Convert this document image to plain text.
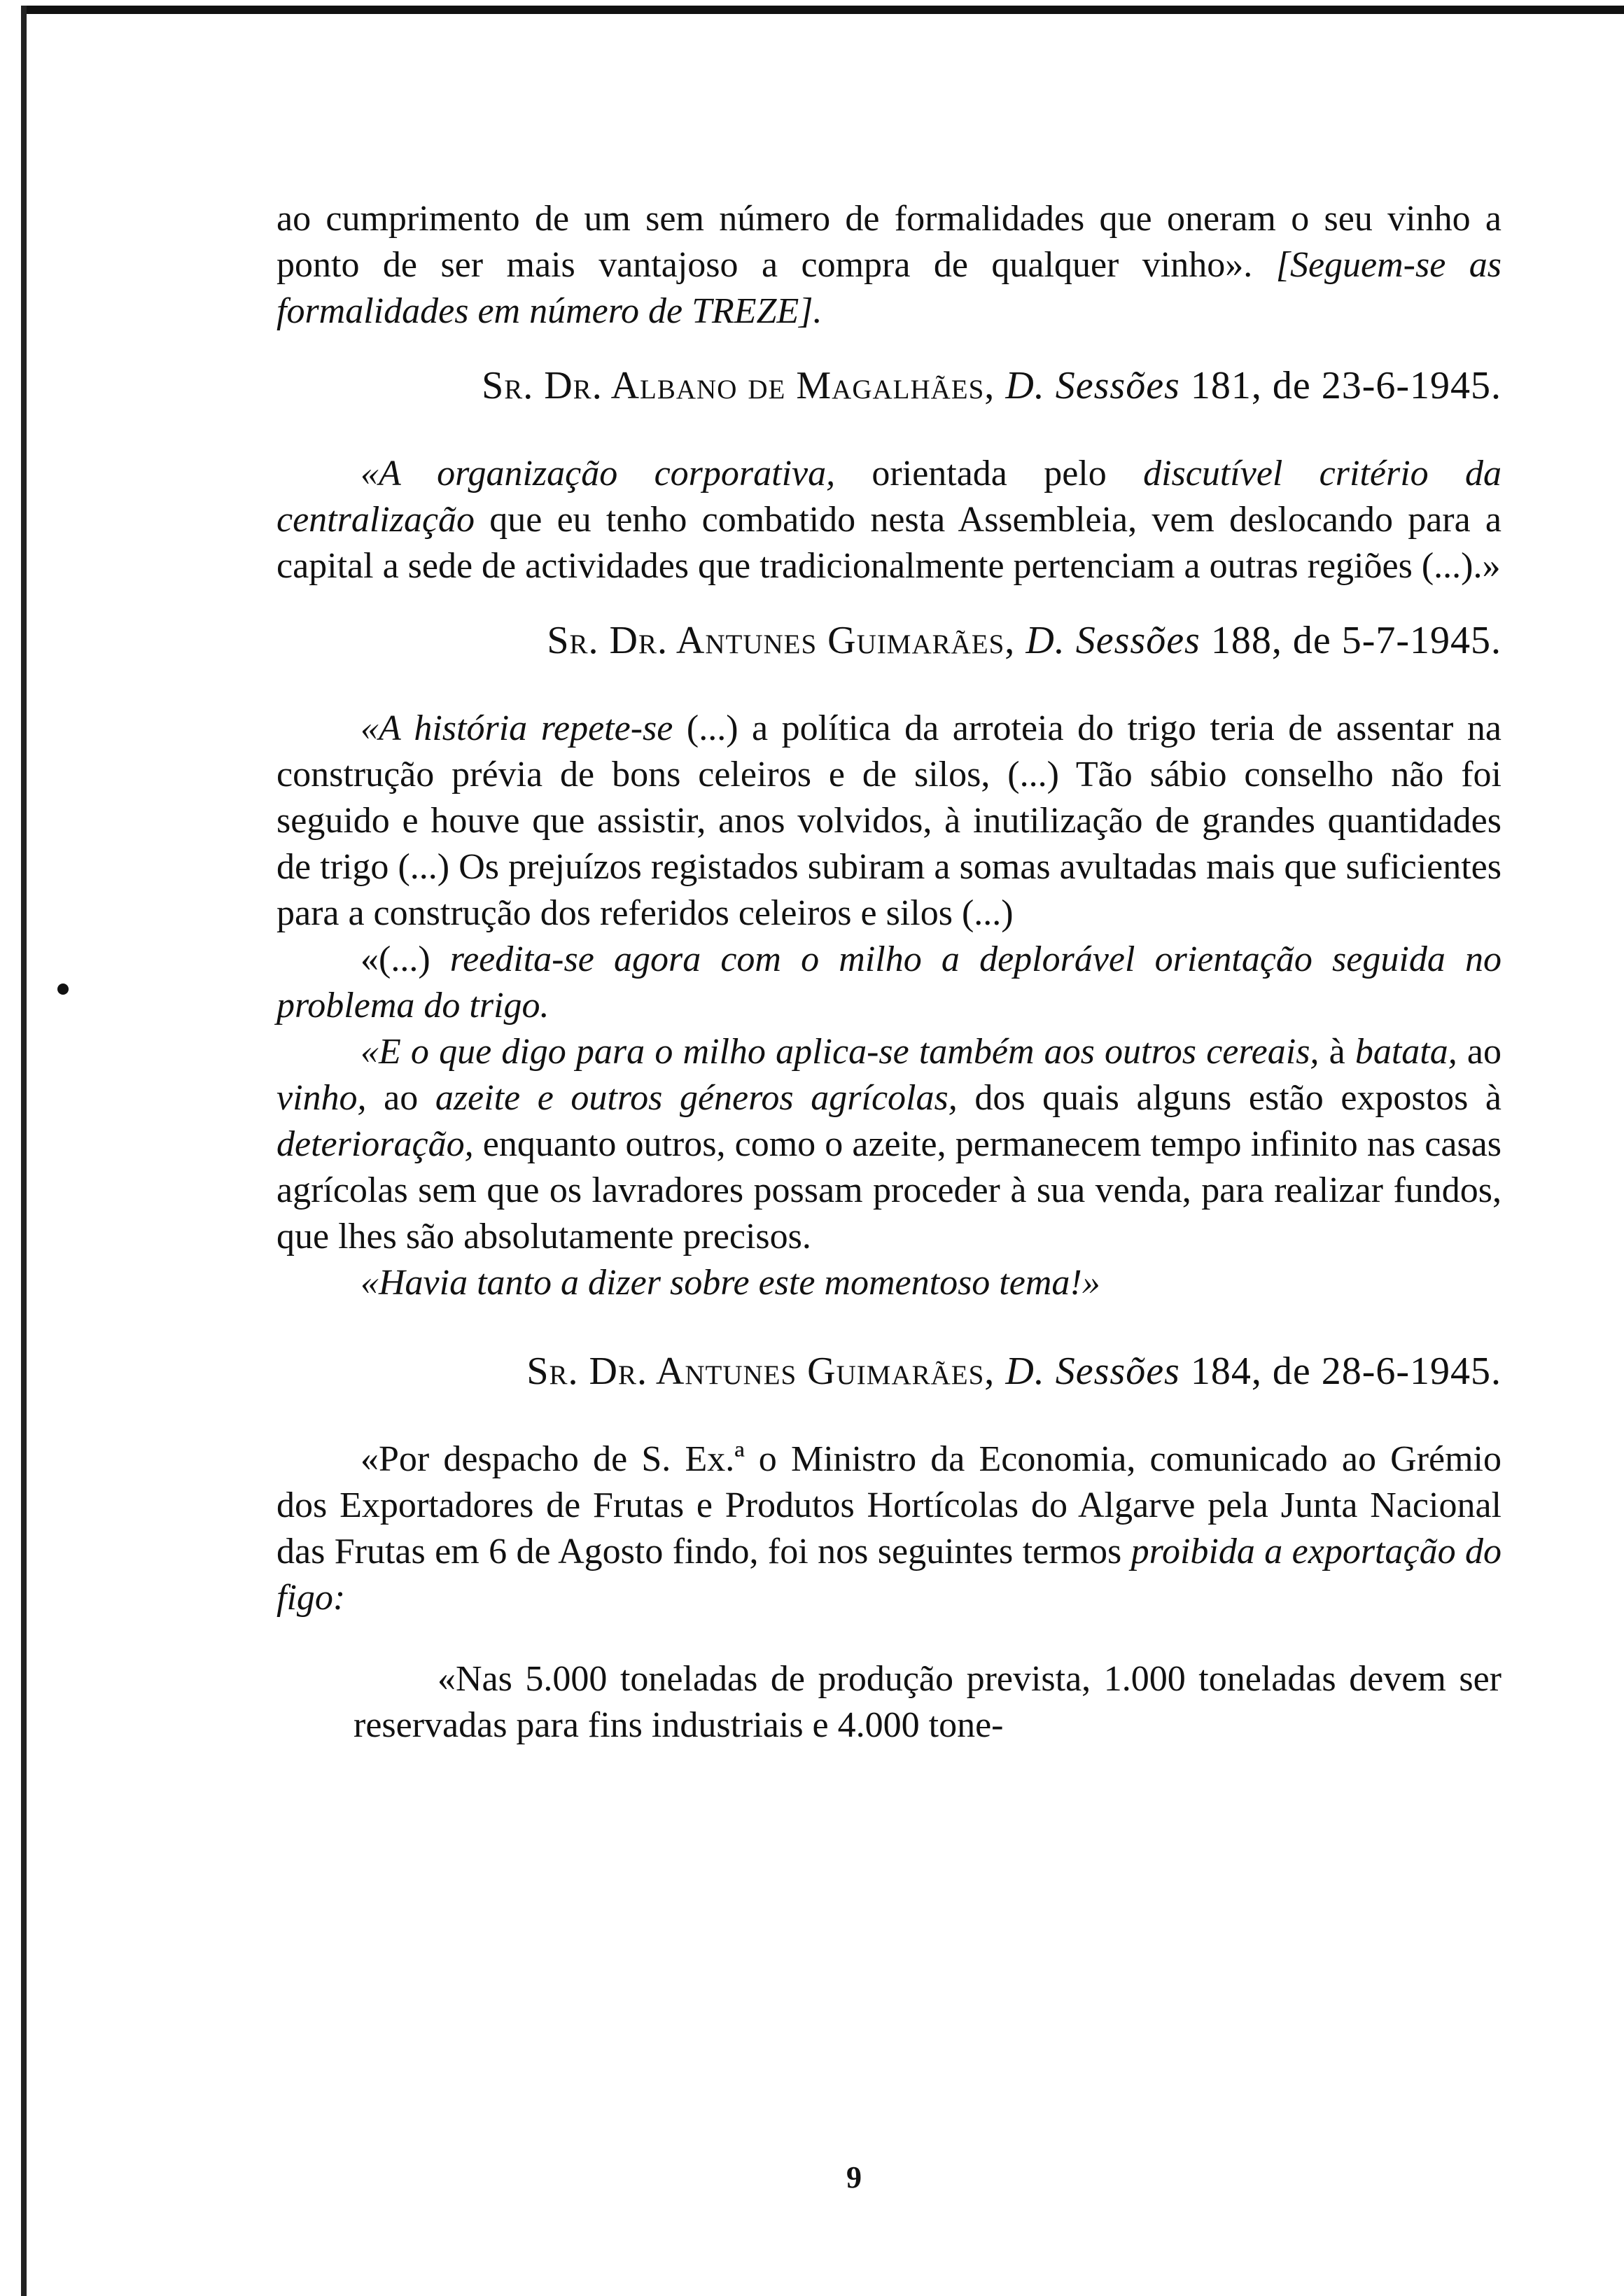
ao cumprimento de um sem número de formalidades que oneram o seu vinho a ponto de ser mais vantajoso a compra de qualquer vinho». [Seguem-se as formalidades em número de TREZE].

Sr. Dr. Albano de Magalhães, D. Sessões 181, de 23-6-1945.

«A organização corporativa, orientada pelo discutível critério da centralização que eu tenho combatido nesta Assembleia, vem deslocando para a capital a sede de actividades que tradicionalmente pertenciam a outras regiões (...).»

Sr. Dr. Antunes Guimarães, D. Sessões 188, de 5-7-1945.

«A história repete-se (...) a política da arroteia do trigo teria de assentar na construção prévia de bons celeiros e de silos, (...) Tão sábio conselho não foi seguido e houve que assistir, anos volvidos, à inutilização de grandes quantidades de trigo (...) Os prejuízos registados subiram a somas avultadas mais que suficientes para a construção dos referidos celeiros e silos (...)

«(...) reedita-se agora com o milho a deplorável orientação seguida no problema do trigo.

«E o que digo para o milho aplica-se também aos outros cereais, à batata, ao vinho, ao azeite e outros géneros agrícolas, dos quais alguns estão expostos à deterioração, enquanto outros, como o azeite, permanecem tempo infinito nas casas agrícolas sem que os lavradores possam proceder à sua venda, para realizar fundos, que lhes são absolutamente precisos.

«Havia tanto a dizer sobre este momentoso tema!»

Sr. Dr. Antunes Guimarães, D. Sessões 184, de 28-6-1945.

«Por despacho de S. Ex.ª o Ministro da Economia, comunicado ao Grémio dos Exportadores de Frutas e Produtos Hortícolas do Algarve pela Junta Nacional das Frutas em 6 de Agosto findo, foi nos seguintes termos proibida a exportação do figo:

«Nas 5.000 toneladas de produção prevista, 1.000 toneladas devem ser reservadas para fins industriais e 4.000 tone-

9
